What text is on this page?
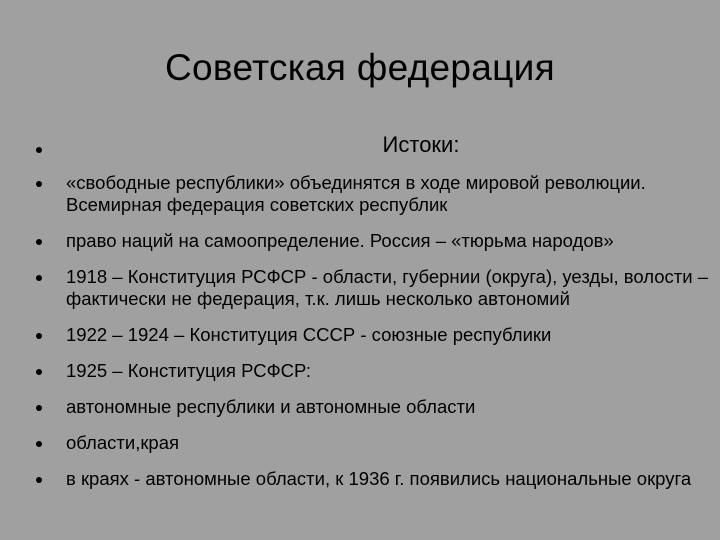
Советская федерация
Истоки:
«свободные республики» объединятся в ходе мировой революции. Всемирная федерация советских республик
право наций на самоопределение. Россия – «тюрьма народов»
1918 – Конституция РСФСР - области, губернии (округа), уезды, волости – фактически не федерация, т.к. лишь несколько автономий
1922 – 1924 – Конституция СССР - союзные республики
1925 – Конституция РСФСР:
автономные республики и автономные области
области,края
в краях - автономные области, к 1936 г. появились национальные округа
